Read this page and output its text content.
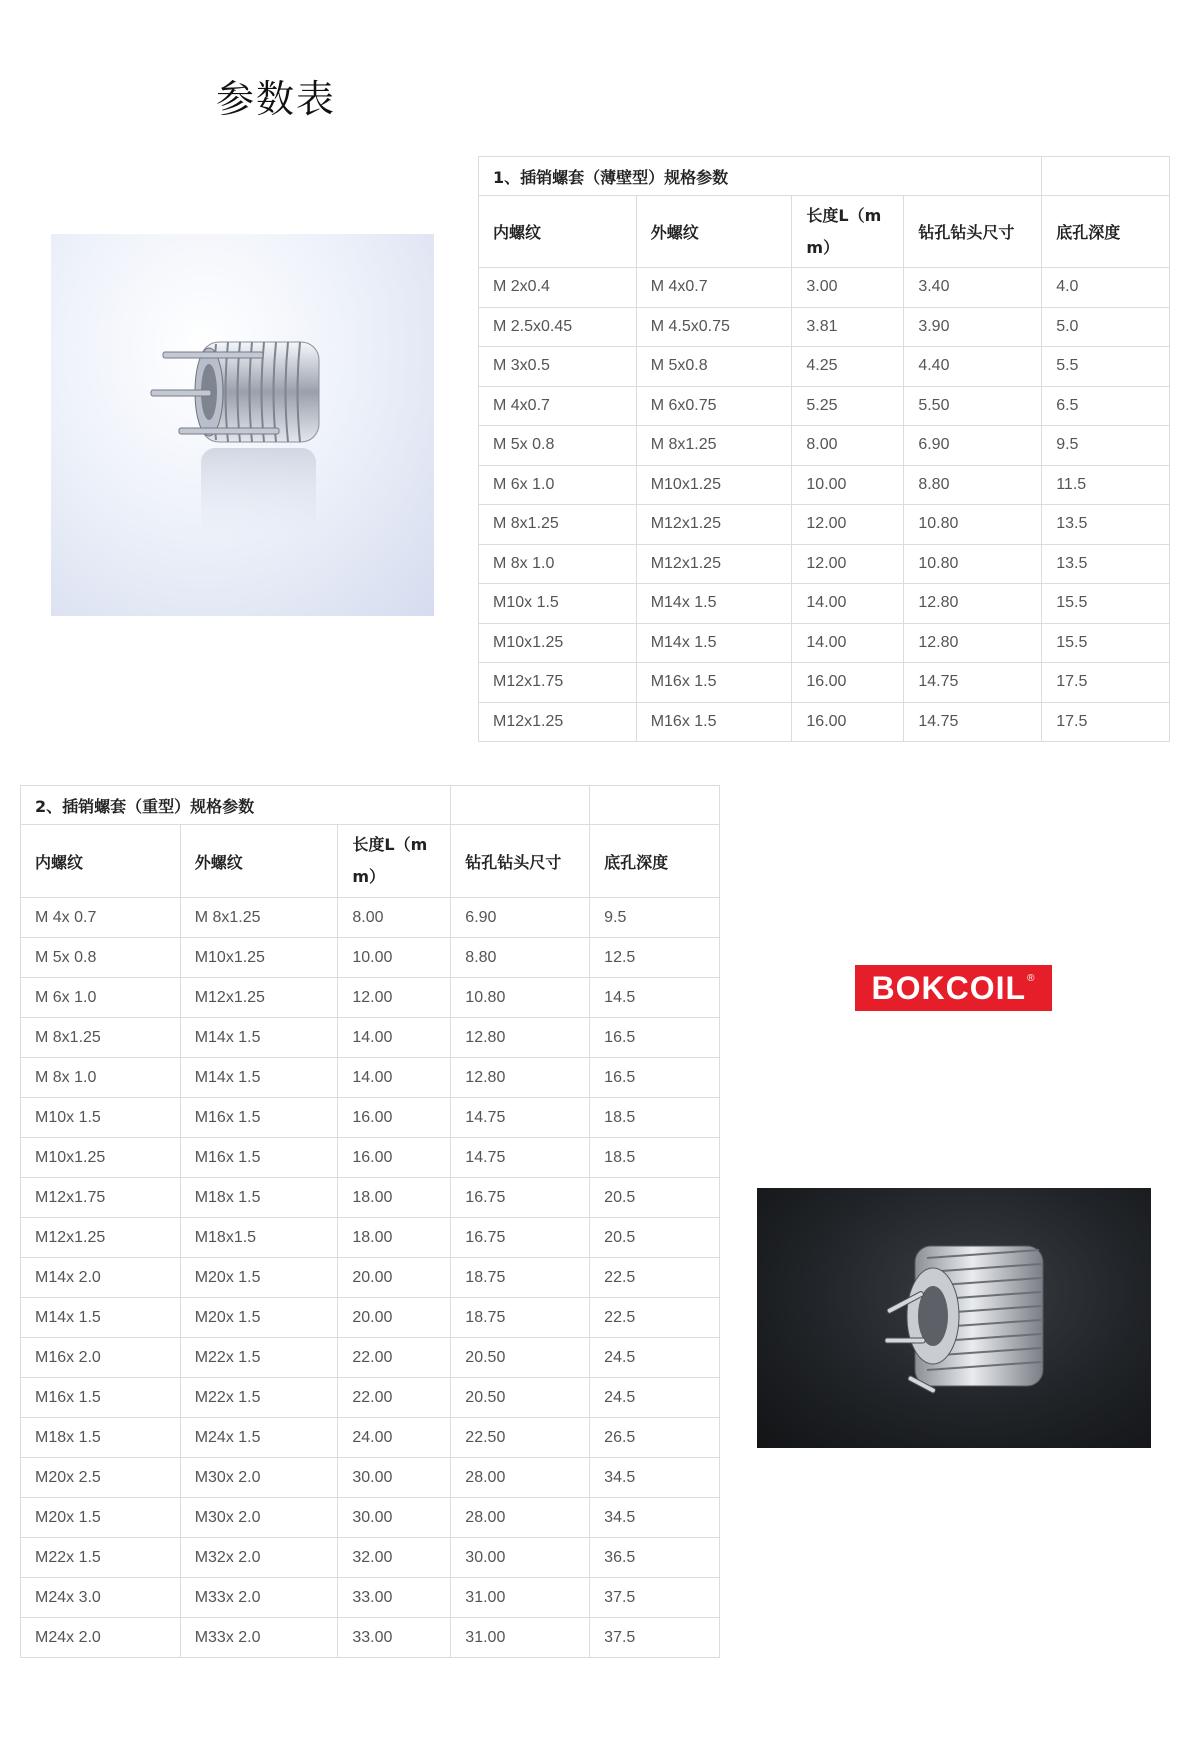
参数表
1、插销螺套（薄壁型）规格参数				
内螺纹	外螺纹	长度L（m m）	钻孔钻头尺寸	底孔深度
M 2x0.4	M 4x0.7	3.00	3.40	4.0
M 2.5x0.45	M 4.5x0.75	3.81	3.90	5.0
M 3x0.5	M 5x0.8	4.25	4.40	5.5
M 4x0.7	M 6x0.75	5.25	5.50	6.5
M 5x 0.8	M 8x1.25	8.00	6.90	9.5
M 6x 1.0	M10x1.25	10.00	8.80	11.5
M 8x1.25	M12x1.25	12.00	10.80	13.5
M 8x 1.0	M12x1.25	12.00	10.80	13.5
M10x 1.5	M14x 1.5	14.00	12.80	15.5
M10x1.25	M14x 1.5	14.00	12.80	15.5
M12x1.75	M16x 1.5	16.00	14.75	17.5
M12x1.25	M16x 1.5	16.00	14.75	17.5
2、插销螺套（重型）规格参数				
内螺纹	外螺纹	长度L（m m）	钻孔钻头尺寸	底孔深度
M 4x 0.7	M 8x1.25	8.00	6.90	9.5
M 5x 0.8	M10x1.25	10.00	8.80	12.5
M 6x 1.0	M12x1.25	12.00	10.80	14.5
M 8x1.25	M14x 1.5	14.00	12.80	16.5
M 8x 1.0	M14x 1.5	14.00	12.80	16.5
M10x 1.5	M16x 1.5	16.00	14.75	18.5
M10x1.25	M16x 1.5	16.00	14.75	18.5
M12x1.75	M18x 1.5	18.00	16.75	20.5
M12x1.25	M18x1.5	18.00	16.75	20.5
M14x 2.0	M20x 1.5	20.00	18.75	22.5
M14x 1.5	M20x 1.5	20.00	18.75	22.5
M16x 2.0	M22x 1.5	22.00	20.50	24.5
M16x 1.5	M22x 1.5	22.00	20.50	24.5
M18x 1.5	M24x 1.5	24.00	22.50	26.5
M20x 2.5	M30x 2.0	30.00	28.00	34.5
M20x 1.5	M30x 2.0	30.00	28.00	34.5
M22x 1.5	M32x 2.0	32.00	30.00	36.5
M24x 3.0	M33x 2.0	33.00	31.00	37.5
M24x 2.0	M33x 2.0	33.00	31.00	37.5
BOKCOIL ®
